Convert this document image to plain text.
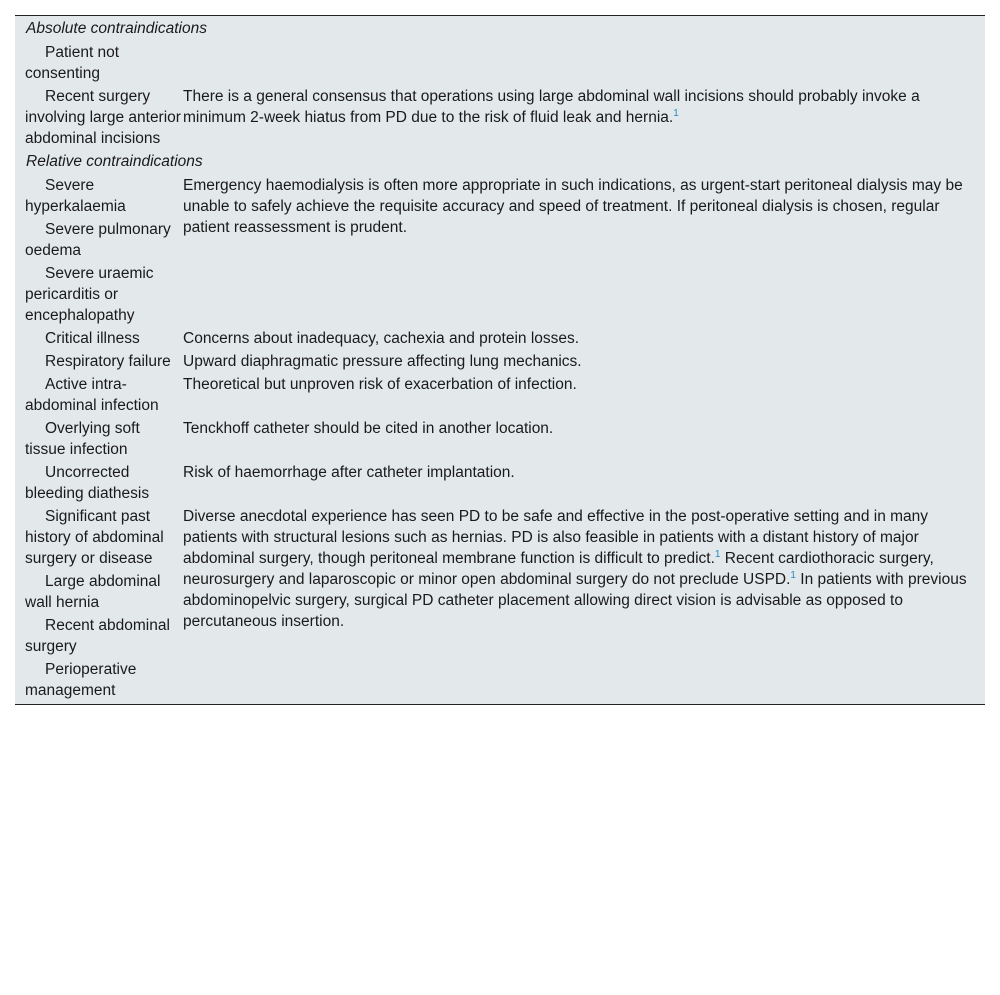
Absolute contraindications	
Patient not consenting	
Recent surgery involving large anterior abdominal incisions	There is a general consensus that operations using large abdominal wall incisions should probably invoke a minimum 2-week hiatus from PD due to the risk of fluid leak and hernia.$^1$
Relative contraindications	
Severe hyperkalaemia	Emergency haemodialysis is often more appropriate in such indications, as urgent-start peritoneal dialysis may be unable to safely achieve the requisite accuracy and speed of treatment. If peritoneal dialysis is chosen, regular patient reassessment is prudent.
Severe pulmonary oedema	
Severe uraemic pericarditis or encephalopathy	
Critical illness	Concerns about inadequacy, cachexia and protein losses.
Respiratory failure	Upward diaphragmatic pressure affecting lung mechanics.
Active intra-abdominal infection	Theoretical but unproven risk of exacerbation of infection.
Overlying soft tissue infection	Tenckhoff catheter should be cited in another location.
Uncorrected bleeding diathesis	Risk of haemorrhage after catheter implantation.
Significant past history of abdominal surgery or disease	Diverse anecdotal experience has seen PD to be safe and effective in the post-operative setting and in many patients with structural lesions such as hernias. PD is also feasible in patients with a distant history of major abdominal surgery, though peritoneal membrane function is difficult to predict.$^1$ Recent cardiothoracic surgery, neurosurgery and laparoscopic or minor open abdominal surgery do not preclude USPD.$^1$ In patients with previous abdominopelvic surgery, surgical PD catheter placement allowing direct vision is advisable as opposed to percutaneous insertion.
Large abdominal wall hernia	
Recent abdominal surgery	
Perioperative management	
